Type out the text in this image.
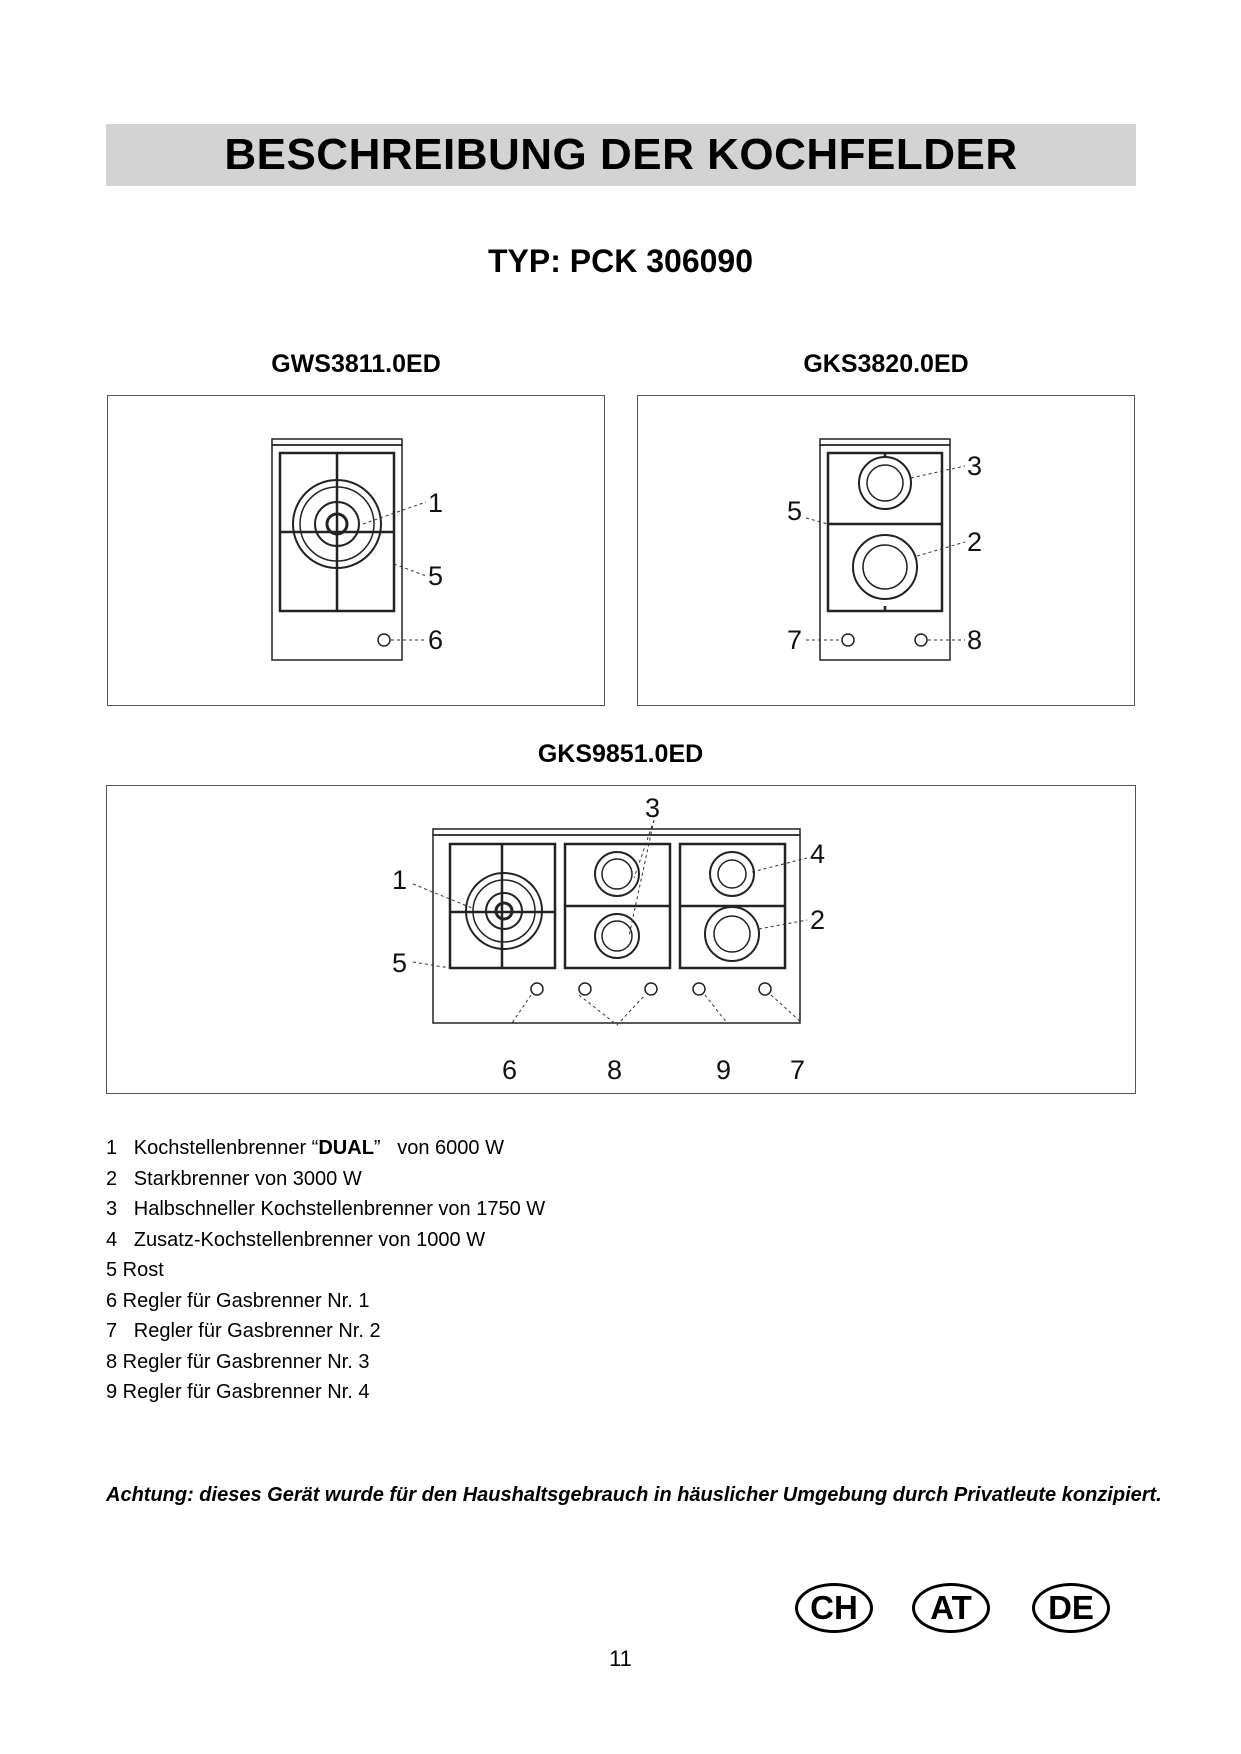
BESCHREIBUNG DER KOCHFELDER
TYP: PCK 306090
GWS3811.0ED	GKS3820.0ED
1
5
6
3
5
2
7	8
GKS9851.0ED
3
4
1
2
5
6	8	9 7
1   Kochstellenbrenner “DUAL”   von 6000 W
2   Starkbrenner von 3000 W
3   Halbschneller Kochstellenbrenner von 1750 W
4   Zusatz-Kochstellenbrenner von 1000 W
5 Rost
6 Regler für Gasbrenner Nr. 1
7   Regler für Gasbrenner Nr. 2
8 Regler für Gasbrenner Nr. 3
9 Regler für Gasbrenner Nr. 4
Achtung: dieses Gerät wurde für den Haushaltsgebrauch in häuslicher Umgebung durch Privatleute konzipiert.
CH	AT	DE
11
